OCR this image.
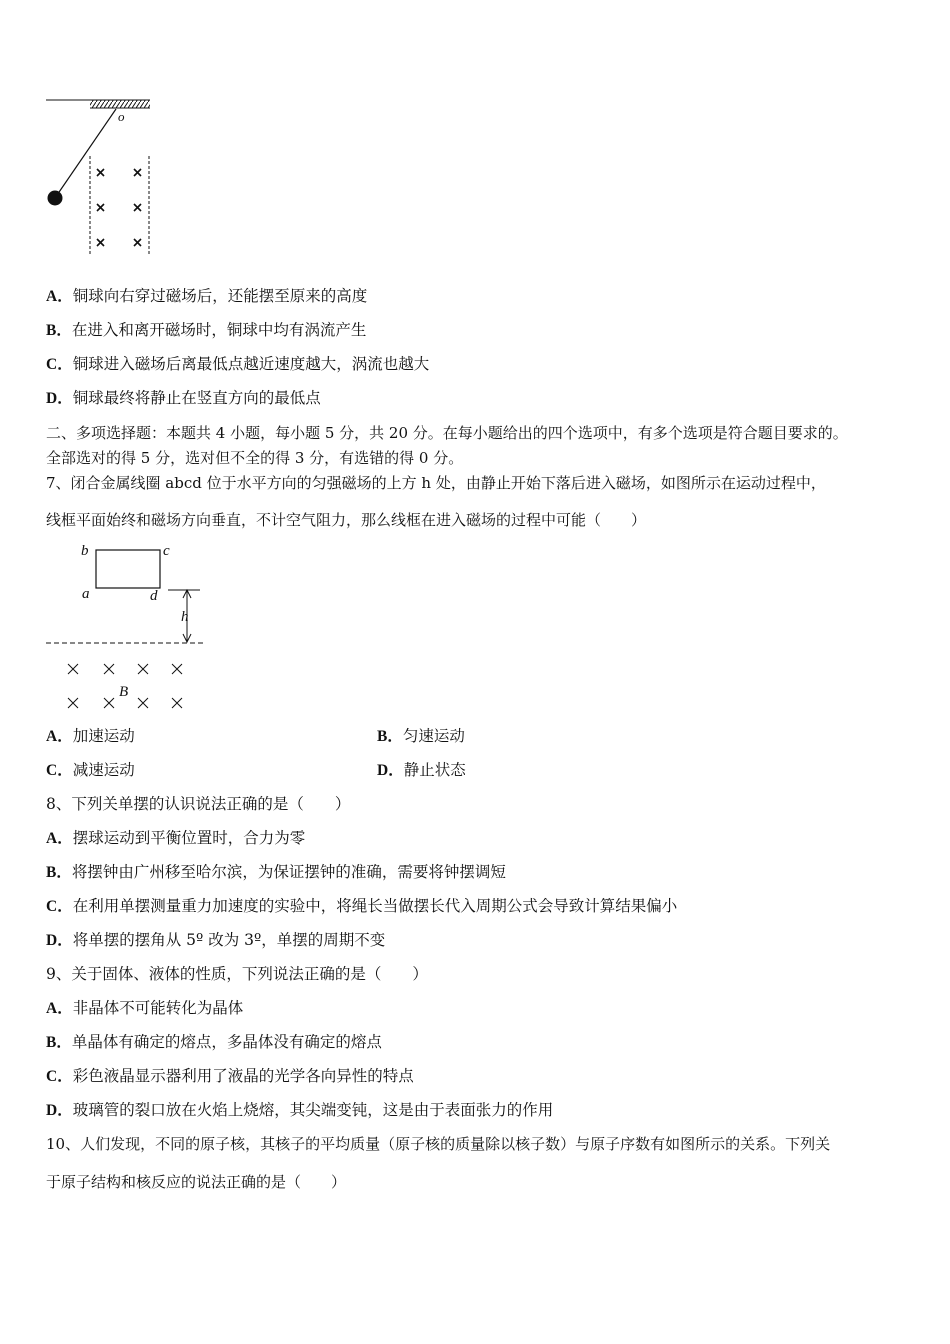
o
A．铜球向右穿过磁场后，还能摆至原来的高度
B．在进入和离开磁场时，铜球中均有涡流产生
C．铜球进入磁场后离最低点越近速度越大，涡流也越大
D．铜球最终将静止在竖直方向的最低点
二、多项选择题：本题共 4 小题，每小题 5 分，共 20 分。在每小题给出的四个选项中，有多个选项是符合题目要求的。
全部选对的得 5 分，选对但不全的得 3 分，有选错的得 0 分。
7、闭合金属线圈 abcd 位于水平方向的匀强磁场的上方 h 处，由静止开始下落后进入磁场，如图所示在运动过程中，
线框平面始终和磁场方向垂直，不计空气阻力，那么线框在进入磁场的过程中可能（　　）
b	c
a	d
h
B
A．加速运动	B．匀速运动
C．减速运动	D．静止状态
8、下列关单摆的认识说法正确的是（　　）
A．摆球运动到平衡位置时，合力为零
B．将摆钟由广州移至哈尔滨，为保证摆钟的准确，需要将钟摆调短
C．在利用单摆测量重力加速度的实验中，将绳长当做摆长代入周期公式会导致计算结果偏小
D．将单摆的摆角从 5º 改为 3º，单摆的周期不变
9、关于固体、液体的性质，下列说法正确的是（　　）
A．非晶体不可能转化为晶体
B．单晶体有确定的熔点，多晶体没有确定的熔点
C．彩色液晶显示器利用了液晶的光学各向异性的特点
D．玻璃管的裂口放在火焰上烧熔，其尖端变钝，这是由于表面张力的作用
10、人们发现，不同的原子核，其核子的平均质量（原子核的质量除以核子数）与原子序数有如图所示的关系。下列关
于原子结构和核反应的说法正确的是（　　）
